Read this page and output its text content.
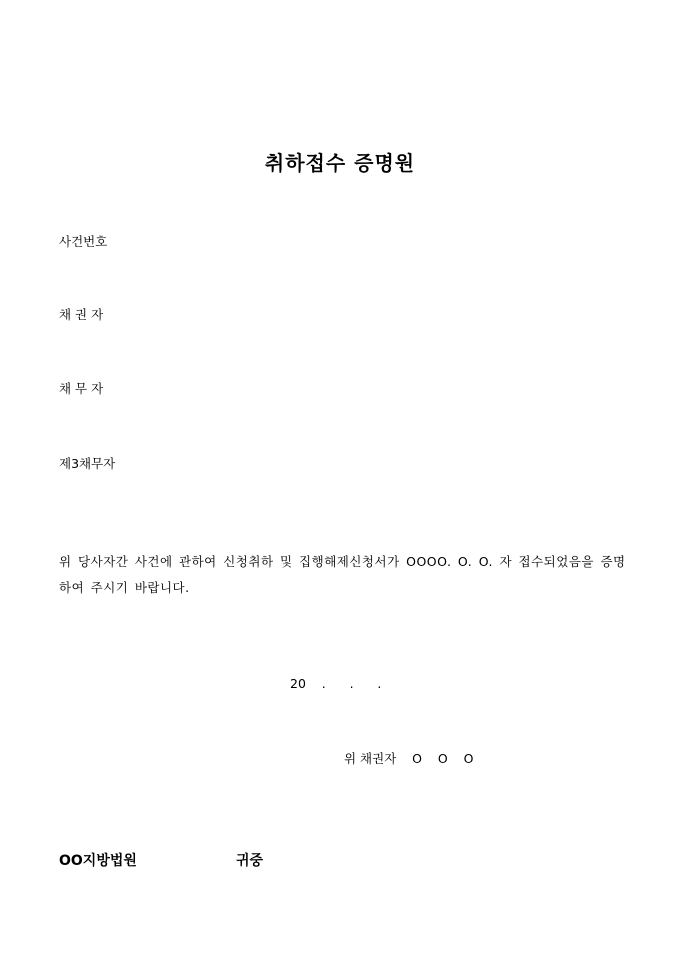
취하접수 증명원
사건번호
채 권 자
채 무 자
제3채무자
위 당사자간 사건에 관하여 신청취하 및 집행해제신청서가 OOOO. O. O. 자 접수되었음을 증명하여 주시기 바랍니다.
20    .      .      .
위 채권자    O    O    O
OO지방법원	귀중
